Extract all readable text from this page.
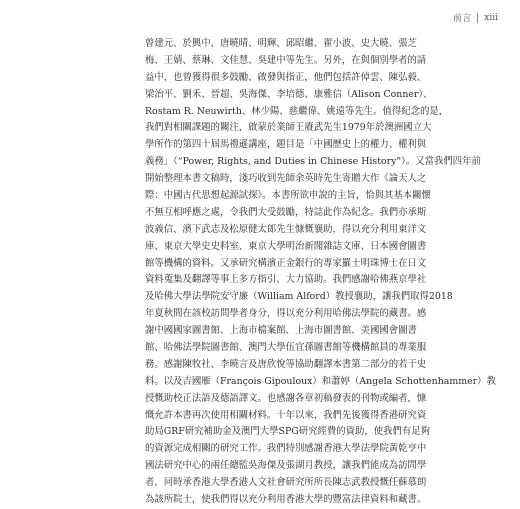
前言 xiii
曾建元、於興中、唐曉晴、明輝、邱昭繼、翟小波、史大曉、張芝
梅、王婧、蔡琳、文佳慧、吳建中等先生。另外，在與個別學者的請
益中，也曾獲得很多鼓勵、啟發與指正，他們包括許倬雲、陳弘毅、
梁治平、劉禾、晉超、吳海傑、李培德、康雅信（Alison Conner）、
Rostam R. Neuwirth、林少陽、慈繼偉、姚遠等先生。值得紀念的是，
我們對相關課題的關注，啟蒙於業師王賡武先生1979年於澳洲國立大
學所作的第四十屆馬禮遜講座，題目是「中國歷史上的權力、權利與
義務」（“Power, Rights, and Duties in Chinese History”）。又當我們四年前
開始整理本書文稿時，淺巧收到先師余英時先生寄贈大作《論天人之
際：中國古代思想起源試探》。本書所欲申說的主旨，恰與其基本關懷
不無互相呼應之處，令我們大受鼓勵，特誌此作為紀念。我們亦承斯
波義信、濱下武志及松原健太郎先生慷慨襄助，得以充分利用東洋文
庫、東京大學史史料室、東京大學明治新聞雜誌文庫、日本國會圖書
館等機構的資料。又承研究構濱正金銀行的專家羅士明珠博士在日文
資料蒐集及翻譯等事上多方指引、大力協助。我們感謝哈佛燕京學社
及哈佛大學法學院安守廉（William Alford）教授襄助，讓我們取得2018
年夏秋間在該校訪問學者身分，得以充分利用哈佛法學院的藏書。感
謝中國國家圖書館、上海市檔案館、上海市圖書館、美國國會圖書
館、哈佛法學院圖書館、澳門大學伍宜孫圖書館等機構館員的專業服
務。感謝陳牧社、李曉言及唐欣悅等協助翻譯本書第二部分的若干史
料。以及吉國雁（François Gipouloux）和蕭婷（Angela Schottenhammer）教
授慨助校正法語及德語譯文。也感謝各章初稿發表的刊物或編者，慷
慨允許本書再次使用相關材料。十年以來，我們先後獲得香港研究資
助局GRF研究補助金及澳門大學SPG研究經費的資助，使我們有足夠
的資源完成相關的研究工作。我們特別感謝香港大學法學院黃乾亨中
國法研究中心的兩任總監吳海傑及張湖月教授，讓我們能成為訪問學
者，同時承香港大學香港人文社會研究所所長陳志武教授慨任蘇慕朗
為該所院士，使我們得以充分利用香港大學的豐富法律資料和藏書。
